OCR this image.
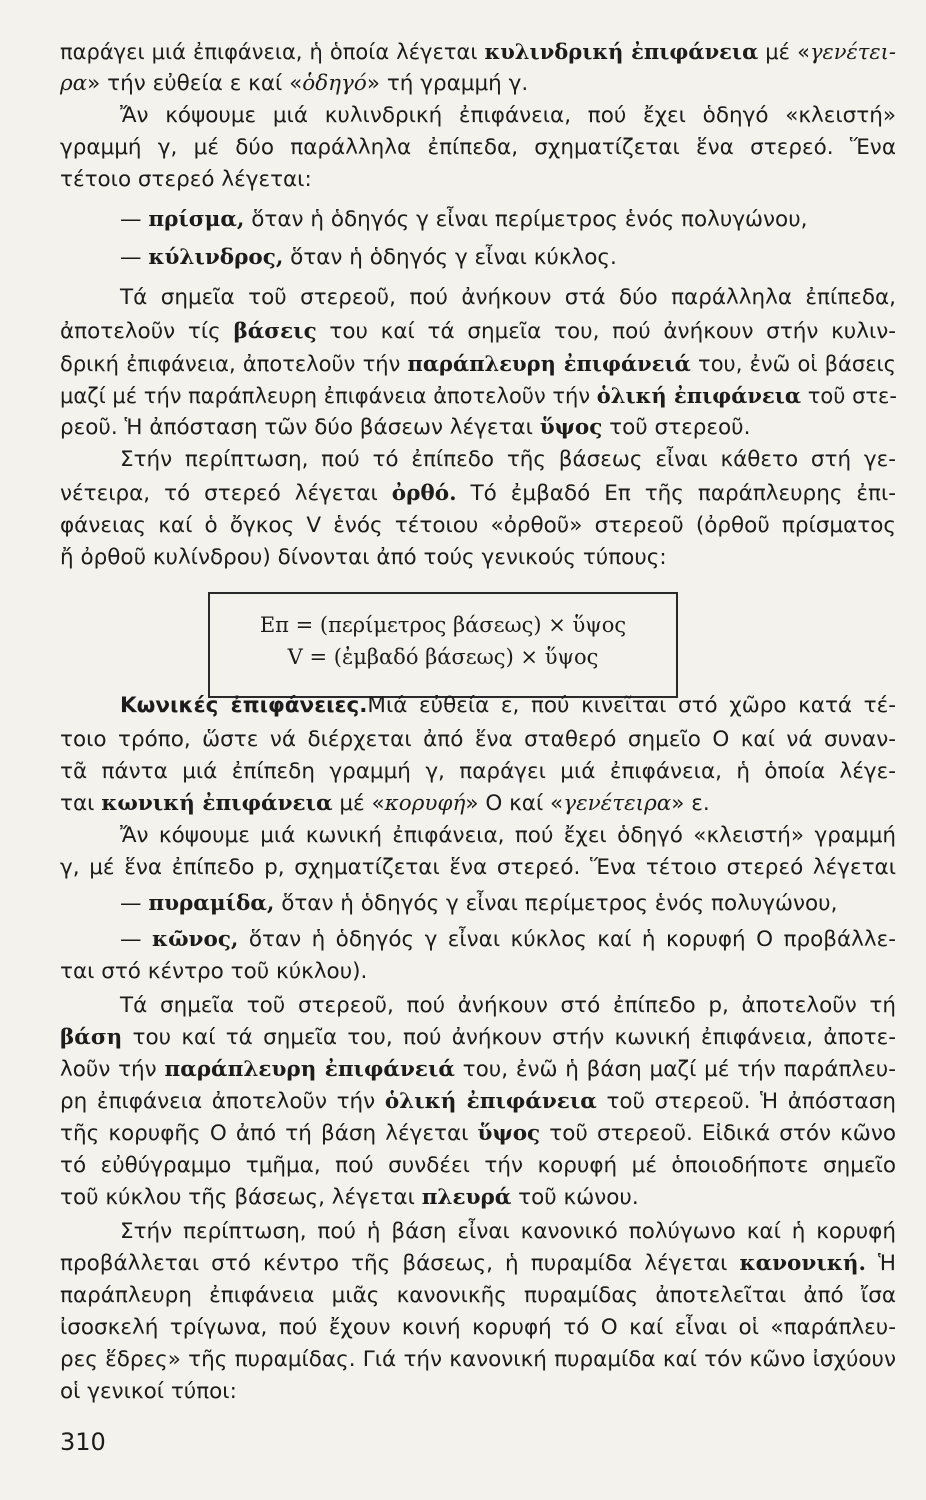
παράγει μιά ἐπιφάνεια, ἡ ὁποία λέγεται κυλινδρική ἐπιφάνεια μέ «γενέτει-
ρα» τήν εὐθεία ε καί «ὁδηγό» τή γραμμή γ.
Ἄν κόψουμε μιά κυλινδρική ἐπιφάνεια, πού ἔχει ὁδηγό «κλειστή»
γραμμή γ, μέ δύο παράλληλα ἐπίπεδα, σχηματίζεται ἕνα στερεό. Ἕνα
τέτοιο στερεό λέγεται:
— πρίσμα, ὅταν ἡ ὁδηγός γ εἶναι περίμετρος ἑνός πολυγώνου,
— κύλινδρος, ὅταν ἡ ὁδηγός γ εἶναι κύκλος.
Τά σημεῖα τοῦ στερεοῦ, πού ἀνήκουν στά δύο παράλληλα ἐπίπεδα,
ἀποτελοῦν τίς βάσεις του καί τά σημεῖα του, πού ἀνήκουν στήν κυλιν-
δρική ἐπιφάνεια, ἀποτελοῦν τήν παράπλευρη ἐπιφάνειά του, ἐνῶ οἱ βάσεις
μαζί μέ τήν παράπλευρη ἐπιφάνεια ἀποτελοῦν τήν ὁλική ἐπιφάνεια τοῦ στε-
ρεοῦ. Ἡ ἀπόσταση τῶν δύο βάσεων λέγεται ὕψος τοῦ στερεοῦ.
Στήν περίπτωση, πού τό ἐπίπεδο τῆς βάσεως εἶναι κάθετο στή γε-
νέτειρα, τό στερεό λέγεται ὀρθό. Τό ἐμβαδό Eπ τῆς παράπλευρης ἐπι-
φάνειας καί ὁ ὄγκος V ἑνός τέτοιου «ὀρθοῦ» στερεοῦ (ὀρθοῦ πρίσματος
ἤ ὀρθοῦ κυλίνδρου) δίνονται ἀπό τούς γενικούς τύπους:
Eπ = (περίμετρος βάσεως) × ὕψος
V = (ἐμβαδό βάσεως) × ὕψος
Κωνικές ἐπιφάνειες.Μιά εὐθεία ε, πού κινεῖται στό χῶρο κατά τέ-
τοιο τρόπο, ὥστε νά διέρχεται ἀπό ἕνα σταθερό σημεῖο O καί νά συναν-
τᾶ πάντα μιά ἐπίπεδη γραμμή γ, παράγει μιά ἐπιφάνεια, ἡ ὁποία λέγε-
ται κωνική ἐπιφάνεια μέ «κορυφή» O καί «γενέτειρα» ε.
Ἄν κόψουμε μιά κωνική ἐπιφάνεια, πού ἔχει ὁδηγό «κλειστή» γραμμή
γ, μέ ἕνα ἐπίπεδο p, σχηματίζεται ἕνα στερεό. Ἕνα τέτοιο στερεό λέγεται
— πυραμίδα, ὅταν ἡ ὁδηγός γ εἶναι περίμετρος ἑνός πολυγώνου,
— κῶνος, ὅταν ἡ ὁδηγός γ εἶναι κύκλος καί ἡ κορυφή O προβάλλε-
ται στό κέντρο τοῦ κύκλου).
Τά σημεῖα τοῦ στερεοῦ, πού ἀνήκουν στό ἐπίπεδο p, ἀποτελοῦν τή
βάση του καί τά σημεῖα του, πού ἀνήκουν στήν κωνική ἐπιφάνεια, ἀποτε-
λοῦν τήν παράπλευρη ἐπιφάνειά του, ἐνῶ ἡ βάση μαζί μέ τήν παράπλευ-
ρη ἐπιφάνεια ἀποτελοῦν τήν ὁλική ἐπιφάνεια τοῦ στερεοῦ. Ἡ ἀπόσταση
τῆς κορυφῆς O ἀπό τή βάση λέγεται ὕψος τοῦ στερεοῦ. Εἰδικά στόν κῶνο
τό εὐθύγραμμο τμῆμα, πού συνδέει τήν κορυφή μέ ὁποιοδήποτε σημεῖο
τοῦ κύκλου τῆς βάσεως, λέγεται πλευρά τοῦ κώνου.
Στήν περίπτωση, πού ἡ βάση εἶναι κανονικό πολύγωνο καί ἡ κορυφή
προβάλλεται στό κέντρο τῆς βάσεως, ἡ πυραμίδα λέγεται κανονική. Ἡ
παράπλευρη ἐπιφάνεια μιᾶς κανονικῆς πυραμίδας ἀποτελεῖται ἀπό ἴσα
ἰσοσκελή τρίγωνα, πού ἔχουν κοινή κορυφή τό O καί εἶναι οἱ «παράπλευ-
ρες ἕδρες» τῆς πυραμίδας. Γιά τήν κανονική πυραμίδα καί τόν κῶνο ἰσχύουν
οἱ γενικοί τύποι:
310
